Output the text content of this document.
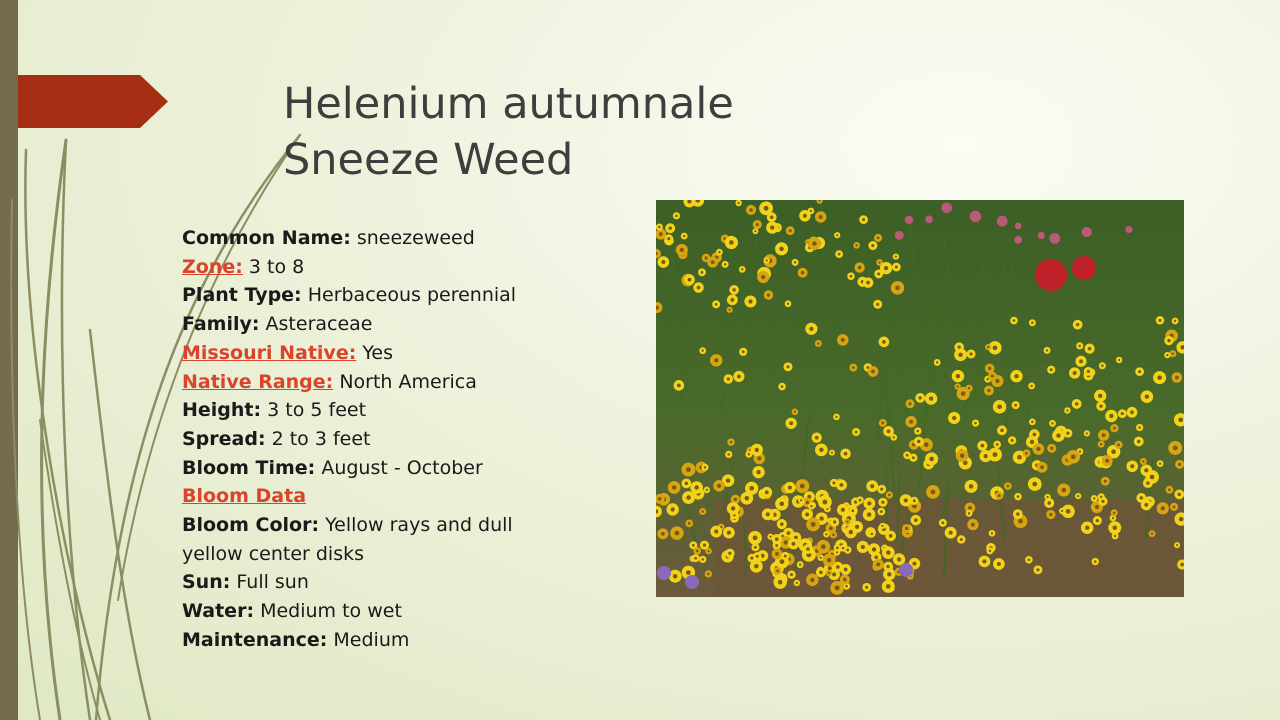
Helenium autumnale
Sneeze Weed
Common Name: sneezeweed
Zone: 3 to 8
Plant Type: Herbaceous perennial
Family: Asteraceae
Missouri Native: Yes
Native Range: North America
Height: 3 to 5 feet
Spread: 2 to 3 feet
Bloom Time: August - October
Bloom Data
Bloom Color: Yellow rays and dull yellow center disks
Sun: Full sun
Water: Medium to wet
Maintenance: Medium
